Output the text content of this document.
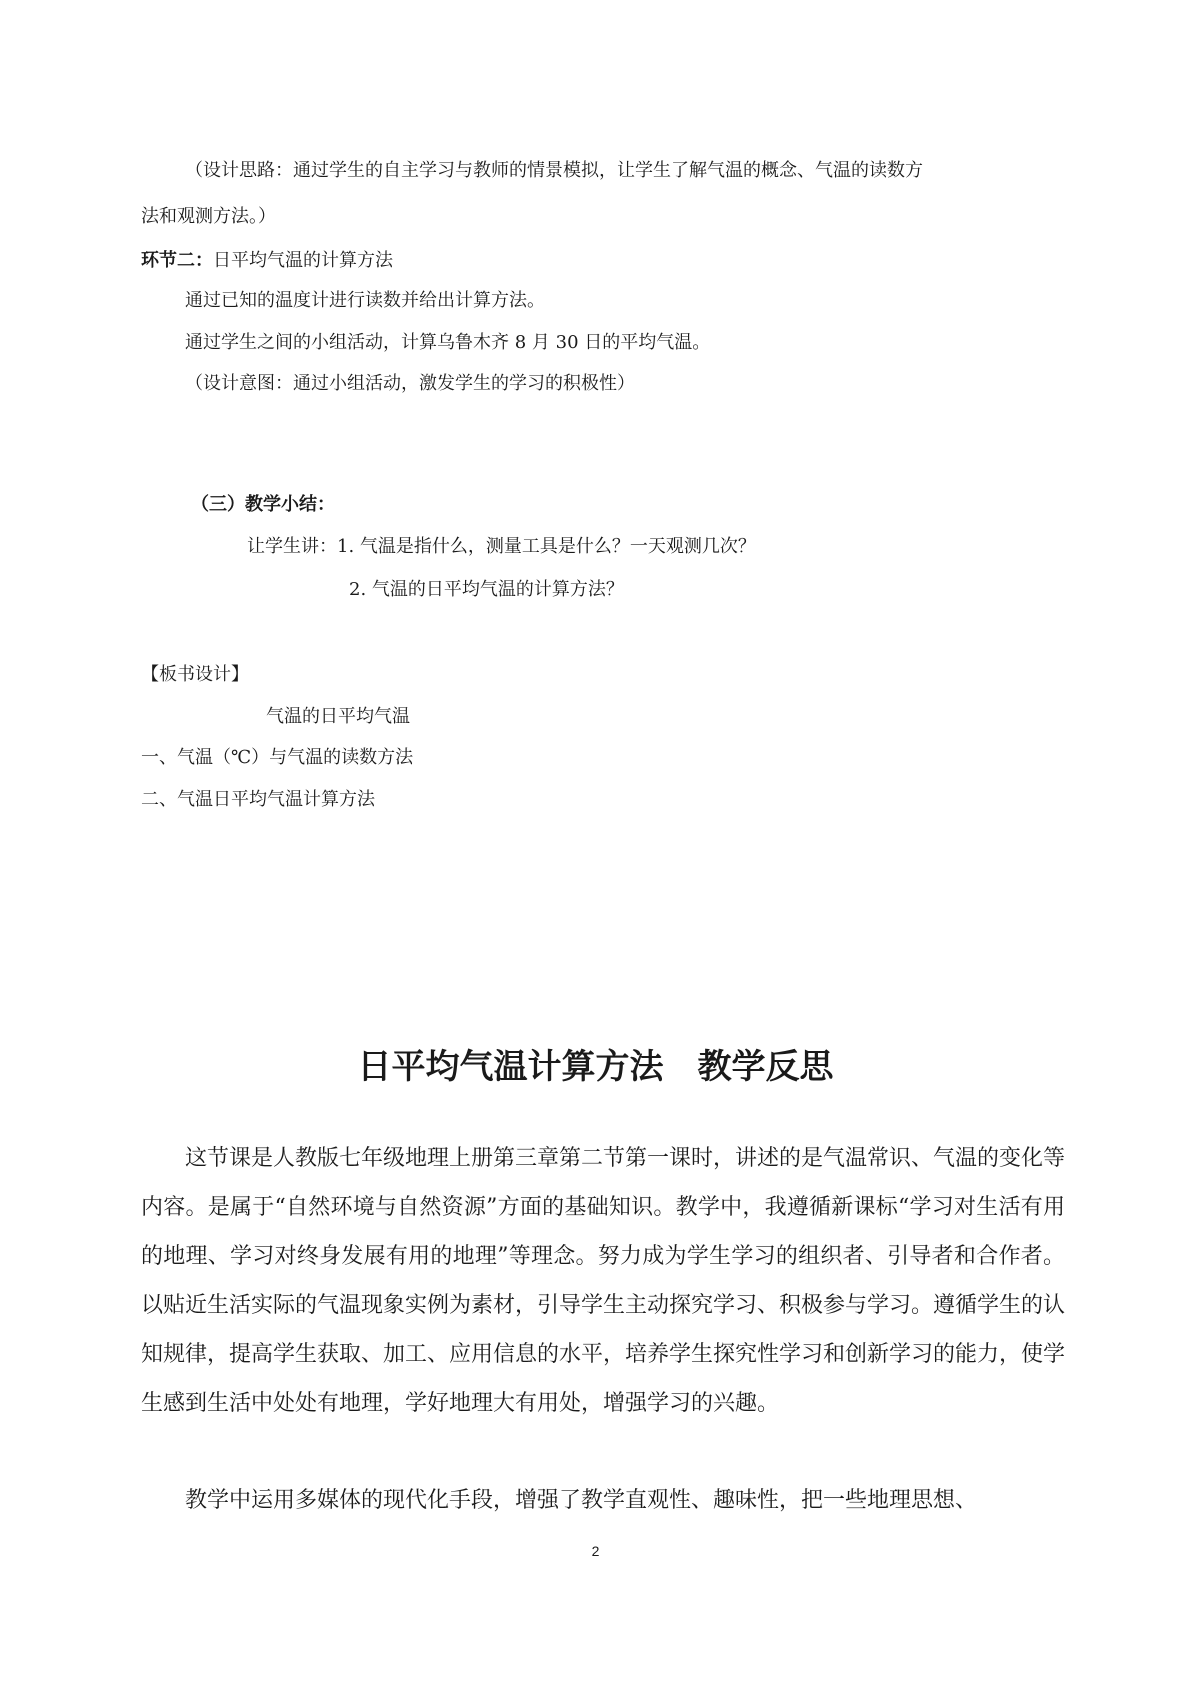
（设计思路：通过学生的自主学习与教师的情景模拟，让学生了解气温的概念、气温的读数方
法和观测方法。）
环节二：日平均气温的计算方法
通过已知的温度计进行读数并给出计算方法。
通过学生之间的小组活动，计算乌鲁木齐 8 月 30 日的平均气温。
（设计意图：通过小组活动，激发学生的学习的积极性）
（三）教学小结：
让学生讲：1. 气温是指什么，测量工具是什么？一天观测几次？
2. 气温的日平均气温的计算方法？
【板书设计】
气温的日平均气温
一、气温（℃）与气温的读数方法
二、气温日平均气温计算方法
日平均气温计算方法　教学反思
这节课是人教版七年级地理上册第三章第二节第一课时，讲述的是气温常识、气温的变化等内容。是属于“自然环境与自然资源”方面的基础知识。教学中，我遵循新课标“学习对生活有用的地理、学习对终身发展有用的地理”等理念。努力成为学生学习的组织者、引导者和合作者。以贴近生活实际的气温现象实例为素材，引导学生主动探究学习、积极参与学习。遵循学生的认知规律，提高学生获取、加工、应用信息的水平，培养学生探究性学习和创新学习的能力，使学生感到生活中处处有地理，学好地理大有用处，增强学习的兴趣。
教学中运用多媒体的现代化手段，增强了教学直观性、趣味性，把一些地理思想、
2
